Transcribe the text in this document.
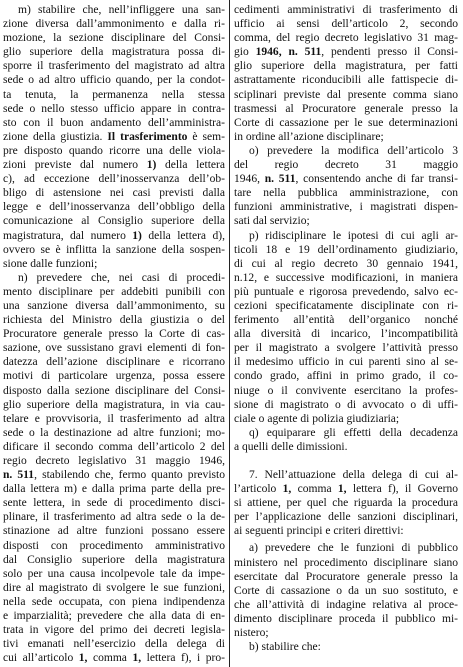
m) stabilire che, nell’infliggere una san-
zione diversa dall’ammonimento e dalla ri-
mozione, la sezione disciplinare del Consi-
glio superiore della magistratura possa di-
sporre il trasferimento del magistrato ad altra
sede o ad altro ufficio quando, per la condot-
ta tenuta, la permanenza nella stessa
sede o nello stesso ufficio appare in contra-
sto con il buon andamento dell’amministra-
zione della giustizia. Il trasferimento è sem-
pre disposto quando ricorre una delle viola-
zioni previste dal numero 1) della lettera
c), ad eccezione dell’inosservanza dell’ob-
bligo di astensione nei casi previsti dalla
legge e dell’inosservanza dell’obbligo della
comunicazione al Consiglio superiore della
magistratura, dal numero 1) della lettera d),
ovvero se è inflitta la sanzione della sospen-
sione dalle funzioni;
n) prevedere che, nei casi di procedi-
mento disciplinare per addebiti punibili con
una sanzione diversa dall’ammonimento, su
richiesta del Ministro della giustizia o del
Procuratore generale presso la Corte di cas-
sazione, ove sussistano gravi elementi di fon-
datezza dell’azione disciplinare e ricorrano
motivi di particolare urgenza, possa essere
disposto dalla sezione disciplinare del Consi-
glio superiore della magistratura, in via cau-
telare e provvisoria, il trasferimento ad altra
sede o la destinazione ad altre funzioni; mo-
dificare il secondo comma dell’articolo 2 del
regio decreto legislativo 31 maggio 1946,
n. 511, stabilendo che, fermo quanto previsto
dalla lettera m) e dalla prima parte della pre-
sente lettera, in sede di procedimento disci-
plinare, il trasferimento ad altra sede o la de-
stinazione ad altre funzioni possano essere
disposti con procedimento amministrativo
dal Consiglio superiore della magistratura
solo per una causa incolpevole tale da impe-
dire al magistrato di svolgere le sue funzioni,
nella sede occupata, con piena indipendenza
e imparzialità; prevedere che alla data di en-
trata in vigore del primo dei decreti legisla-
tivi emanati nell’esercizio della delega di
cui all’articolo 1, comma 1, lettera f), i pro-
cedimenti amministrativi di trasferimento di
ufficio ai sensi dell’articolo 2, secondo
comma, del regio decreto legislativo 31 mag-
gio 1946, n. 511, pendenti presso il Consi-
glio superiore della magistratura, per fatti
astrattamente riconducibili alle fattispecie di-
sciplinari previste dal presente comma siano
trasmessi al Procuratore generale presso la
Corte di cassazione per le sue determinazioni
in ordine all’azione disciplinare;
o) prevedere la modifica dell’articolo 3
del regio decreto 31 maggio
1946, n. 511, consentendo anche di far transi-
tare nella pubblica amministrazione, con
funzioni amministrative, i magistrati dispen-
sati dal servizio;
p) ridisciplinare le ipotesi di cui agli ar-
ticoli 18 e 19 dell’ordinamento giudiziario,
di cui al regio decreto 30 gennaio 1941,
n.12, e successive modificazioni, in maniera
più puntuale e rigorosa prevedendo, salvo ec-
cezioni specificatamente disciplinate con ri-
ferimento all’entità dell’organico nonché
alla diversità di incarico, l’incompatibilità
per il magistrato a svolgere l’attività presso
il medesimo ufficio in cui parenti sino al se-
condo grado, affini in primo grado, il co-
niuge o il convivente esercitano la profes-
sione di magistrato o di avvocato o di uffi-
ciale o agente di polizia giudiziaria;
q) equiparare gli effetti della decadenza
a quelli delle dimissioni.
7. Nell’attuazione della delega di cui al-
l’articolo 1, comma 1, lettera f), il Governo
si attiene, per quel che riguarda la procedura
per l’applicazione delle sanzioni disciplinari,
ai seguenti principi e criteri direttivi:
a) prevedere che le funzioni di pubblico
ministero nel procedimento disciplinare siano
esercitate dal Procuratore generale presso la
Corte di cassazione o da un suo sostituto, e
che all’attività di indagine relativa al proce-
dimento disciplinare proceda il pubblico mi-
nistero;
b) stabilire che:
